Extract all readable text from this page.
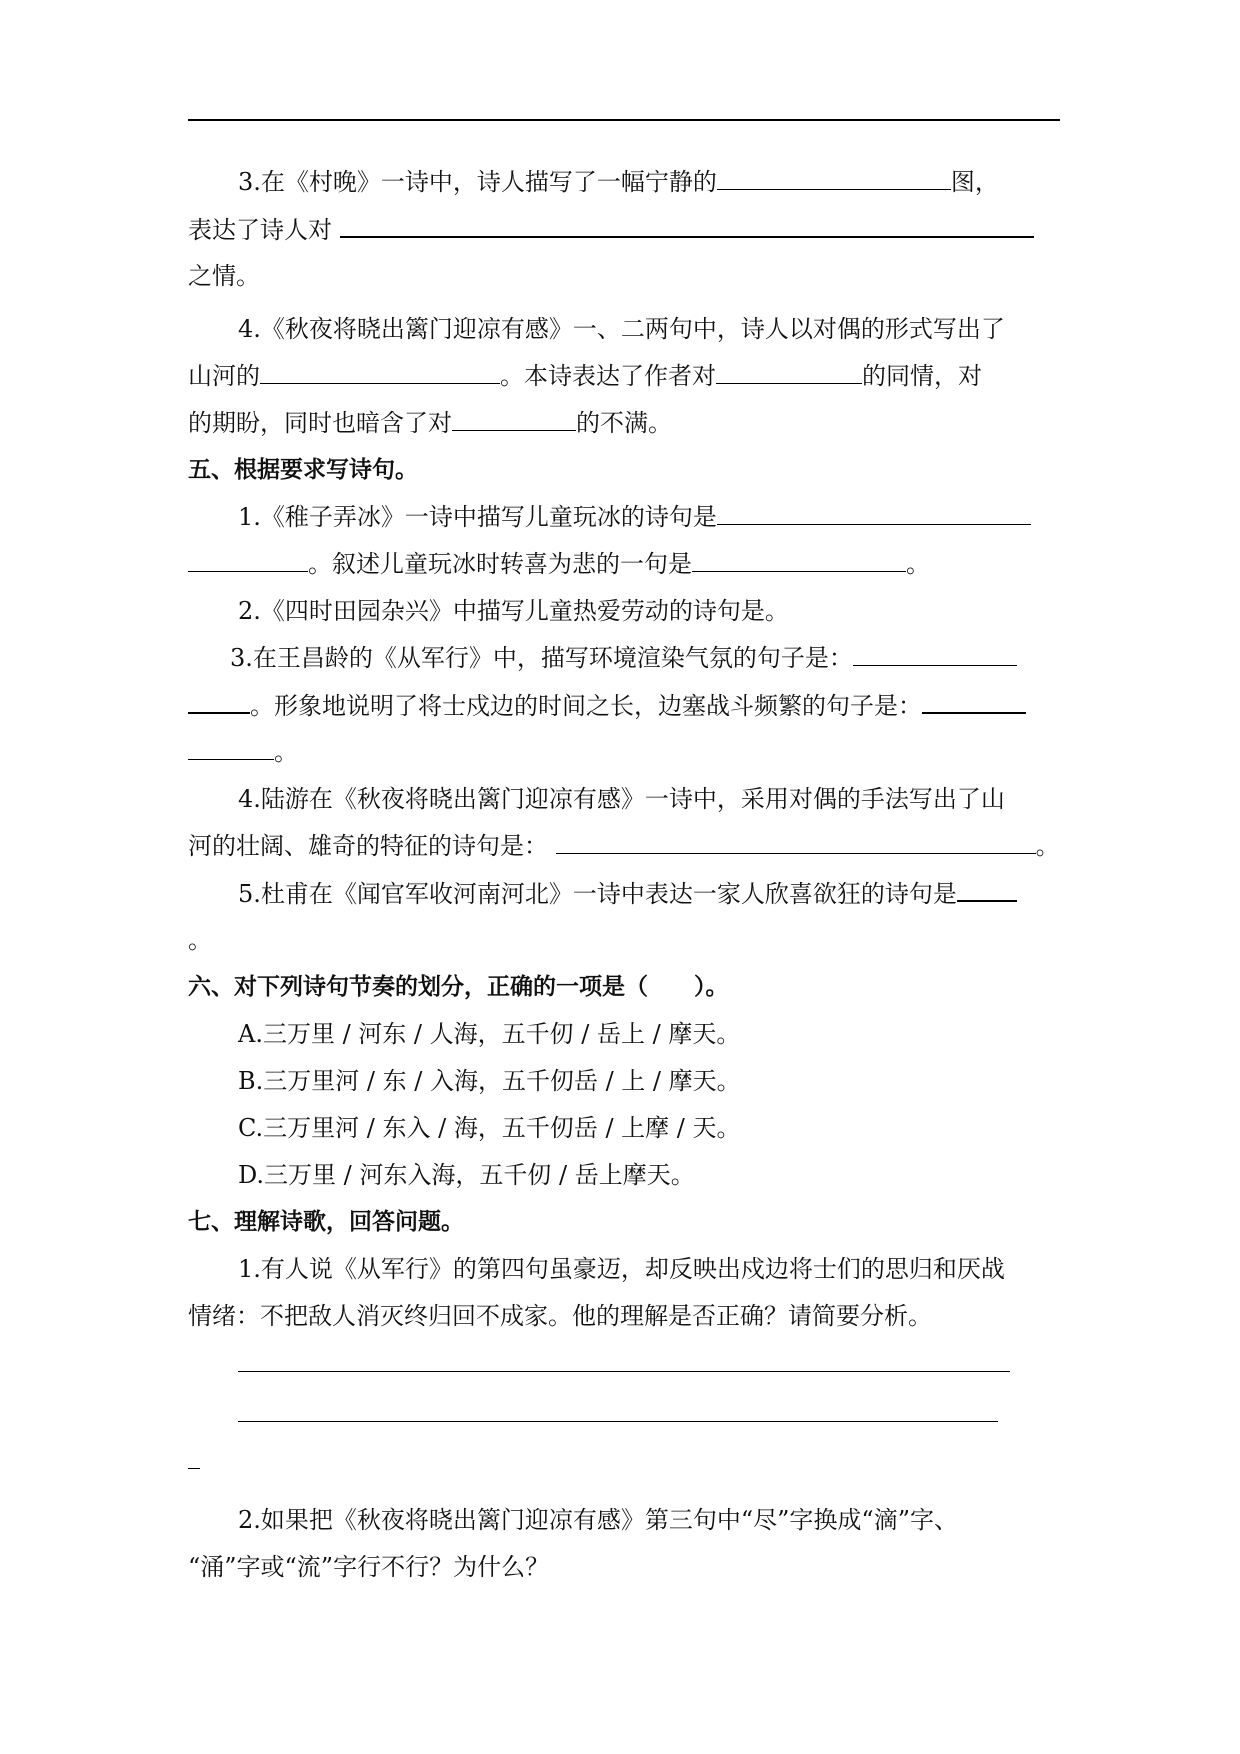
3.在《村晚》一诗中，诗人描写了一幅宁静的	图，
表达了诗人对
之情。
4.《秋夜将晓出篱门迎凉有感》一、二两句中，诗人以对偶的形式写出了
山河的	。本诗表达了作者对	的同情，对
的期盼，同时也暗含了对	的不满。
五、根据要求写诗句。
1.《稚子弄冰》一诗中描写儿童玩冰的诗句是
。叙述儿童玩冰时转喜为悲的一句是	。
2.《四时田园杂兴》中描写儿童热爱劳动的诗句是。
3.在王昌龄的《从军行》中，描写环境渲染气氛的句子是：
。形象地说明了将士戍边的时间之长，边塞战斗频繁的句子是：
。
4.陆游在《秋夜将晓出篱门迎凉有感》一诗中，采用对偶的手法写出了山
河的壮阔、雄奇的特征的诗句是：	。
5.杜甫在《闻官军收河南河北》一诗中表达一家人欣喜欲狂的诗句是
。
六、对下列诗句节奏的划分，正确的一项是（　　）。
A.三万里 / 河东 / 人海，五千仞 / 岳上 / 摩天。
B.三万里河 / 东 / 入海，五千仞岳 / 上 / 摩天。
C.三万里河 / 东入 / 海，五千仞岳 / 上摩 / 天。
D.三万里 / 河东入海，五千仞 / 岳上摩天。
七、理解诗歌，回答问题。
1.有人说《从军行》的第四句虽豪迈，却反映出戍边将士们的思归和厌战
情绪：不把敌人消灭终归回不成家。他的理解是否正确？请简要分析。
2.如果把《秋夜将晓出篱门迎凉有感》第三句中“尽”字换成“滴”字、
“涌”字或“流”字行不行？为什么？
